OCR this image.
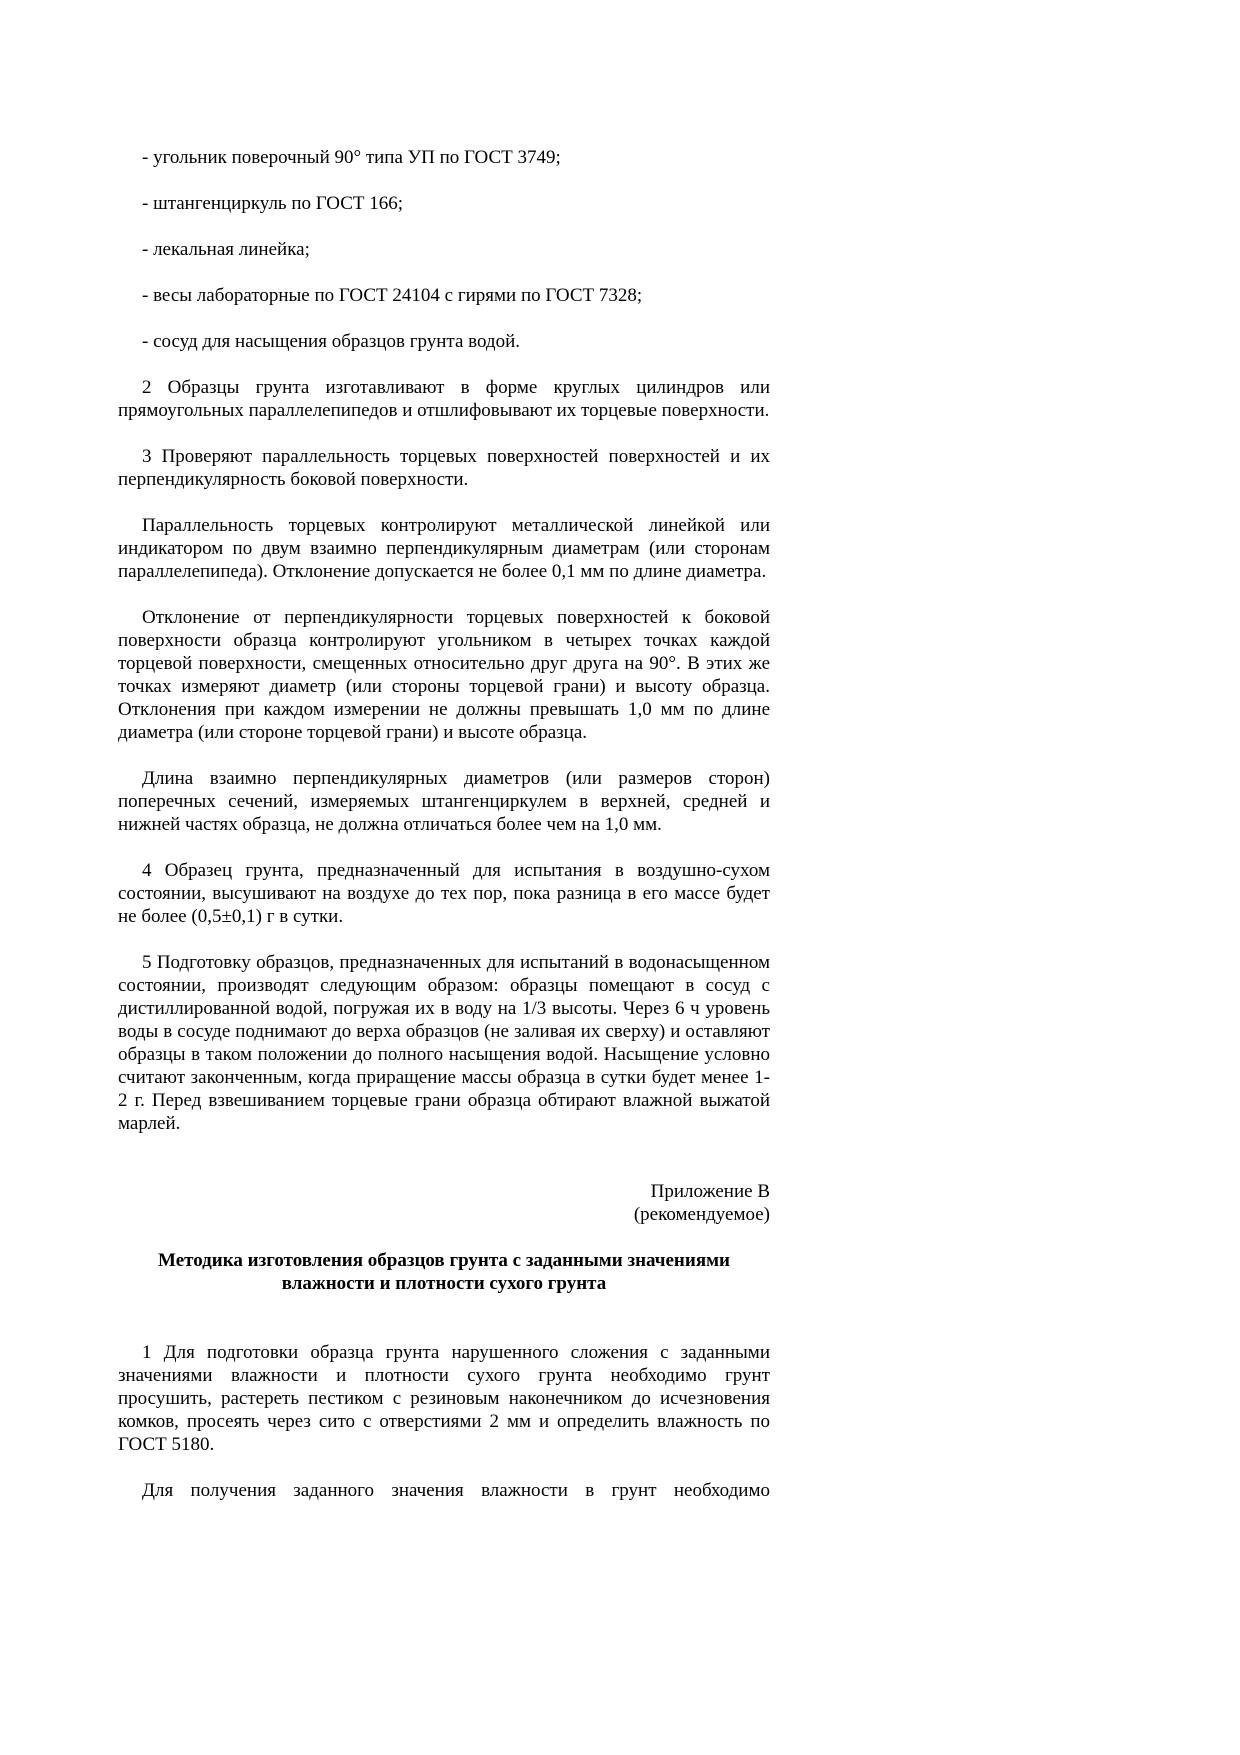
- угольник поверочный 90° типа УП по ГОСТ 3749;

- штангенциркуль по ГОСТ 166;

- лекальная линейка;

- весы лабораторные по ГОСТ 24104 с гирями по ГОСТ 7328;

- сосуд для насыщения образцов грунта водой.

2 Образцы грунта изготавливают в форме круглых цилиндров или прямоугольных параллелепипедов и отшлифовывают их торцевые поверхности.

3 Проверяют параллельность торцевых поверхностей поверхностей и их перпендикулярность боковой поверхности.

Параллельность торцевых контролируют металлической линейкой или индикатором по двум взаимно перпендикулярным диаметрам (или сторонам параллелепипеда). Отклонение допускается не более 0,1 мм по длине диаметра.

Отклонение от перпендикулярности торцевых поверхностей к боковой поверхности образца контролируют угольником в четырех точках каждой торцевой поверхности, смещенных относительно друг друга на 90°. В этих же точках измеряют диаметр (или стороны торцевой грани) и высоту образца. Отклонения при каждом измерении не должны превышать 1,0 мм по длине диаметра (или стороне торцевой грани) и высоте образца.

Длина взаимно перпендикулярных диаметров (или размеров сторон) поперечных сечений, измеряемых штангенциркулем в верхней, средней и нижней частях образца, не должна отличаться более чем на 1,0 мм.

4 Образец грунта, предназначенный для испытания в воздушно-сухом состоянии, высушивают на воздухе до тех пор, пока разница в его массе будет не более (0,5±0,1) г в сутки.

5 Подготовку образцов, предназначенных для испытаний в водонасыщенном состоянии, производят следующим образом: образцы помещают в сосуд с дистиллированной водой, погружая их в воду на 1/3 высоты. Через 6 ч уровень воды в сосуде поднимают до верха образцов (не заливая их сверху) и оставляют образцы в таком положении до полного насыщения водой. Насыщение условно считают законченным, когда приращение массы образца в сутки будет менее 1-2 г. Перед взвешиванием торцевые грани образца обтирают влажной выжатой марлей.

Приложение В
(рекомендуемое)
Методика изготовления образцов грунта с заданными значениями влажности и плотности сухого грунта

1 Для подготовки образца грунта нарушенного сложения с заданными значениями влажности и плотности сухого грунта необходимо грунт просушить, растереть пестиком с резиновым наконечником до исчезновения комков, просеять через сито с отверстиями 2 мм и определить влажность по ГОСТ 5180.

Для получения заданного значения влажности в грунт необходимо
